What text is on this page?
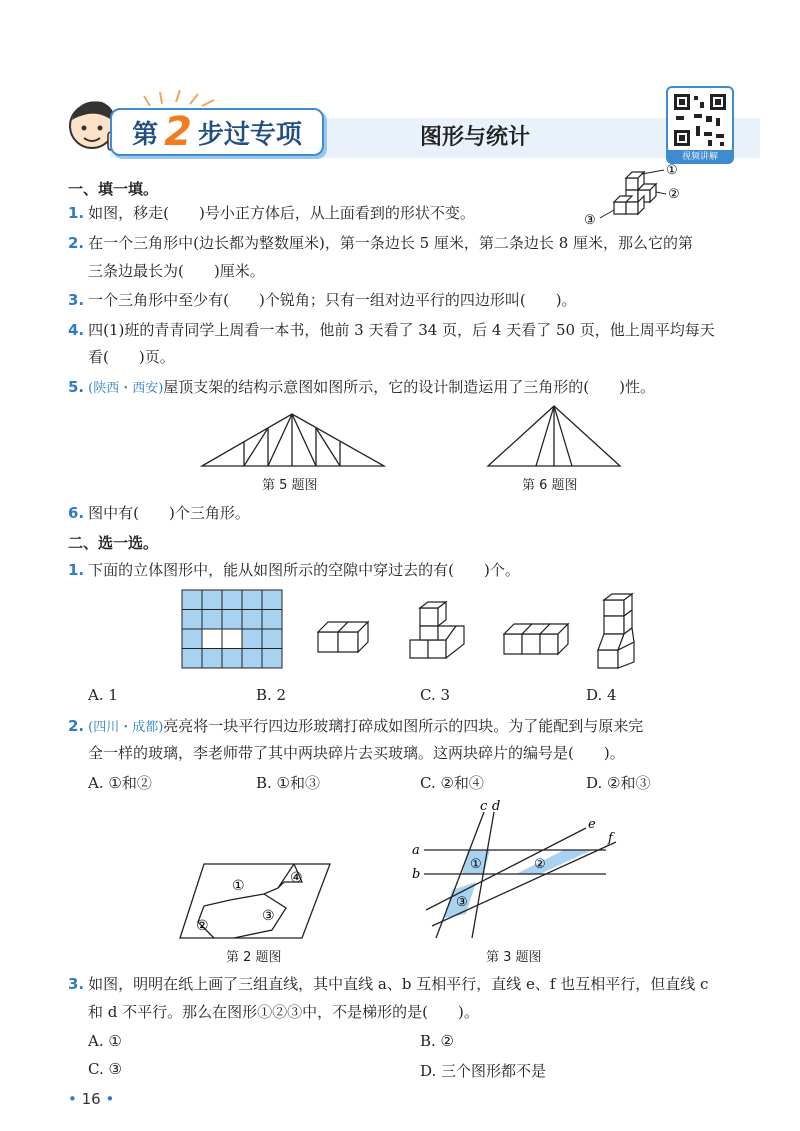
第 2 步过专项	图形与统计
视频讲解
一、填一填。
1. 如图，移走(　　)号小正方体后，从上面看到的形状不变。
①
②
③
2. 在一个三角形中(边长都为整数厘米)，第一条边长 5 厘米，第二条边长 8 厘米，那么它的第
三条边最长为(　　)厘米。
3. 一个三角形中至少有(　　)个锐角；只有一组对边平行的四边形叫(　　)。
4. 四(1)班的青青同学上周看一本书，他前 3 天看了 34 页，后 4 天看了 50 页，他上周平均每天
看(　　)页。
5. (陕西・西安)屋顶支架的结构示意图如图所示，它的设计制造运用了三角形的(　　)性。
第 5 题图	第 6 题图
6. 图中有(　　)个三角形。
二、选一选。
1. 下面的立体图形中，能从如图所示的空隙中穿过去的有(　　)个。
A. 1	B. 2	C. 3	D. 4
2. (四川・成都)亮亮将一块平行四边形玻璃打碎成如图所示的四块。为了能配到与原来完
全一样的玻璃，李老师带了其中两块碎片去买玻璃。这两块碎片的编号是(　　)。
A. ①和②	B. ①和③	C. ②和④	D. ②和③
①
②
③
④
第 2 题图
c d
e
f
a
b
①	②
③
第 3 题图
3. 如图，明明在纸上画了三组直线，其中直线 a、b 互相平行，直线 e、f 也互相平行，但直线 c
和 d 不平行。那么在图形①②③中，不是梯形的是(　　)。
A. ①	B. ②
C. ③	D. 三个图形都不是
• 16 •
